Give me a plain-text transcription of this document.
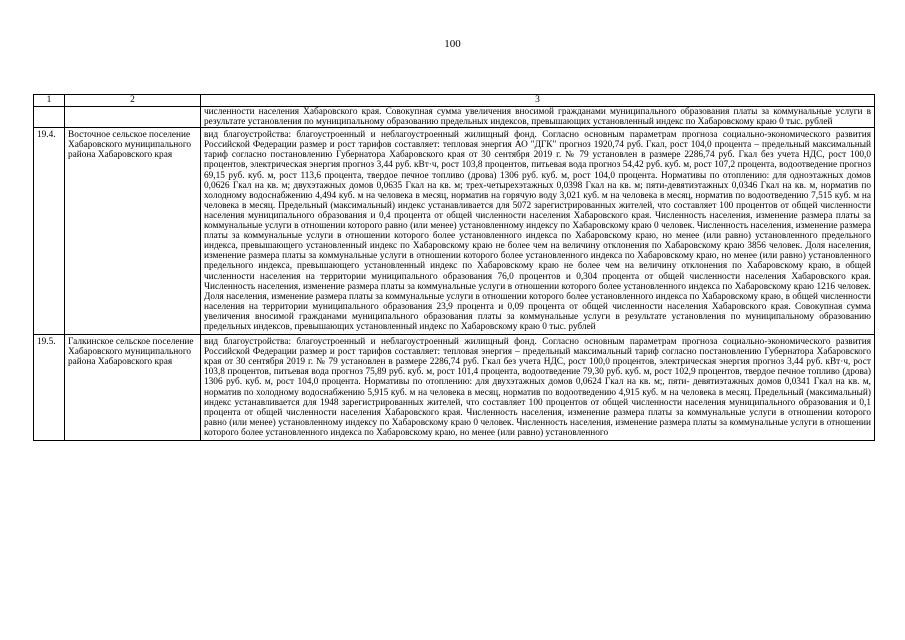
100
1	2	3
		численности населения Хабаровского края. Совокупная сумма увеличения вносимой гражданами муниципального образования платы за коммунальные услуги в результате установления по муниципальному образованию предельных индексов, превышающих установленный индекс по Хабаровскому краю 0 тыс. рублей
19.4.	Восточное сельское поселение Хабаровского муниципального района Хабаровского края	вид благоустройства: благоустроенный и неблагоустроенный жилищный фонд. Согласно основным параметрам прогноза социально-экономического развития Российской Федерации размер и рост тарифов составляет: тепловая энергия АО "ДГК" прогноз 1920,74 руб. Гкал, рост 104,0 процента – предельный максимальный тариф согласно постановлению Губернатора Хабаровского края от 30 сентября 2019 г. № 79 установлен в размере 2286,74 руб. Гкал без учета НДС, рост 100,0 процентов, электрическая энергия прогноз 3,44 руб. кВт·ч, рост 103,8 процентов, питьевая вода прогноз 54,42 руб. куб. м, рост 107,2 процента, водоотведение прогноз 69,15 руб. куб. м, рост 113,6 процента, твердое печное топливо (дрова) 1306 руб. куб. м, рост 104,0 процента. Нормативы по отоплению: для одноэтажных домов 0,0626 Гкал на кв. м; двухэтажных домов 0,0635 Гкал на кв. м; трех-четырехэтажных 0,0398 Гкал на кв. м; пяти-девятиэтажных 0,0346 Гкал на кв. м, норматив по холодному водоснабжению 4,494 куб. м на человека в месяц, норматив на горячую воду 3,021 куб. м на человека в месяц, норматив по водоотведению 7,515 куб. м на человека в месяц. Предельный (максимальный) индекс устанавливается для 5072 зарегистрированных жителей, что составляет 100 процентов от общей численности населения муниципального образования и 0,4 процента от общей численности населения Хабаровского края. Численность населения, изменение размера платы за коммунальные услуги в отношении которого равно (или менее) установленному индексу по Хабаровскому краю 0 человек. Численность населения, изменение размера платы за коммунальные услуги в отношении которого более установленного индекса по Хабаровскому краю, но менее (или равно) установленного предельного индекса, превышающего установленный индекс по Хабаровскому краю не более чем на величину отклонения по Хабаровскому краю 3856 человек. Доля населения, изменение размера платы за коммунальные услуги в отношении которого более установленного индекса по Хабаровскому краю, но менее (или равно) установленного предельного индекса, превышающего установленный индекс по Хабаровскому краю не более чем на величину отклонения по Хабаровскому краю, в общей численности населения на территории муниципального образования 76,0 процентов и 0,304 процента от общей численности населения Хабаровского края. Численность населения, изменение размера платы за коммунальные услуги в отношении которого более установленного индекса по Хабаровскому краю 1216 человек. Доля населения, изменение размера платы за коммунальные услуги в отношении которого более установленного индекса по Хабаровскому краю, в общей численности населения на территории муниципального образования 23,9 процента и 0,09 процента от общей численности населения Хабаровского края. Совокупная сумма увеличения вносимой гражданами муниципального образования платы за коммунальные услуги в результате установления по муниципальному образованию предельных индексов, превышающих установленный индекс по Хабаровскому краю 0 тыс. рублей
19.5.	Галкинское сельское поселение Хабаровского муниципального района Хабаровского края	вид благоустройства: благоустроенный и неблагоустроенный жилищный фонд. Согласно основным параметрам прогноза социально-экономического развития Российской Федерации размер и рост тарифов составляет: тепловая энергия – предельный максимальный тариф согласно постановлению Губернатора Хабаровского края от 30 сентября 2019 г. № 79 установлен в размере 2286,74 руб. Гкал без учета НДС, рост 100,0 процентов, электрическая энергия прогноз 3,44 руб. кВт·ч, рост 103,8 процентов, питьевая вода прогноз 75,89 руб. куб. м, рост 101,4 процента, водоотведение 79,30 руб. куб. м, рост 102,9 процентов, твердое печное топливо (дрова) 1306 руб. куб. м, рост 104,0 процента. Нормативы по отоплению: для двухэтажных домов 0,0624 Гкал на кв. м;, пяти- девятиэтажных домов 0,0341 Гкал на кв. м, норматив по холодному водоснабжению 5,915 куб. м на человека в месяц, норматив по водоотведению 4,915 куб. м на человека в месяц. Предельный (максимальный) индекс устанавливается для 1948 зарегистрированных жителей, что составляет 100 процентов от общей численности населения муниципального образования и 0,1 процента от общей численности населения Хабаровского края. Численность населения, изменение размера платы за коммунальные услуги в отношении которого равно (или менее) установленному индексу по Хабаровскому краю 0 человек. Численность населения, изменение размера платы за коммунальные услуги в отношении которого более установленного индекса по Хабаровскому краю, но менее (или равно) установленного
